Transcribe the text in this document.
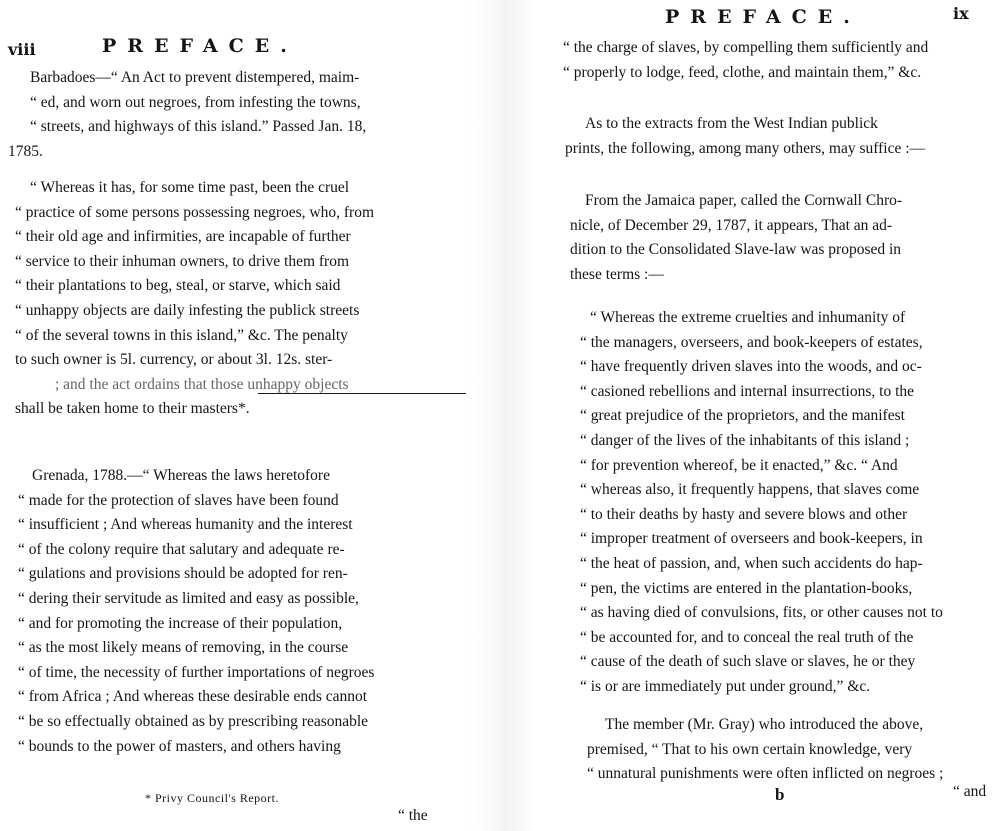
viii	PREFACE.
Barbadoes—“ An Act to prevent distempered, maim-
“ ed, and worn out negroes, from infesting the towns,
“ streets, and highways of this island.” Passed Jan. 18,
1785.
“ Whereas it has, for some time past, been the cruel
“ practice of some persons possessing negroes, who, from
“ their old age and infirmities, are incapable of further
“ service to their inhuman owners, to drive them from
“ their plantations to beg, steal, or starve, which said
“ unhappy objects are daily infesting the publick streets
“ of the several towns in this island,” &c. The penalty
to such owner is 5l. currency, or about 3l. 12s. ster-
; and the act ordains that those unhappy objects
shall be taken home to their masters*.
Grenada, 1788.—“ Whereas the laws heretofore
“ made for the protection of slaves have been found
“ insufficient ; And whereas humanity and the interest
“ of the colony require that salutary and adequate re-
“ gulations and provisions should be adopted for ren-
“ dering their servitude as limited and easy as possible,
“ and for promoting the increase of their population,
“ as the most likely means of removing, in the course
“ of time, the necessity of further importations of negroes
“ from Africa ; And whereas these desirable ends cannot
“ be so effectually obtained as by prescribing reasonable
“ bounds to the power of masters, and others having
* Privy Council's Report.
“ the
PREFACE.	ix
“ the charge of slaves, by compelling them sufficiently and
“ properly to lodge, feed, clothe, and maintain them,” &c.
As to the extracts from the West Indian publick
prints, the following, among many others, may suffice :—
From the Jamaica paper, called the Cornwall Chro-
nicle, of December 29, 1787, it appears, That an ad-
dition to the Consolidated Slave-law was proposed in
these terms :—
“ Whereas the extreme cruelties and inhumanity of
“ the managers, overseers, and book-keepers of estates,
“ have frequently driven slaves into the woods, and oc-
“ casioned rebellions and internal insurrections, to the
“ great prejudice of the proprietors, and the manifest
“ danger of the lives of the inhabitants of this island ;
“ for prevention whereof, be it enacted,” &c. “ And
“ whereas also, it frequently happens, that slaves come
“ to their deaths by hasty and severe blows and other
“ improper treatment of overseers and book-keepers, in
“ the heat of passion, and, when such accidents do hap-
“ pen, the victims are entered in the plantation-books,
“ as having died of convulsions, fits, or other causes not to
“ be accounted for, and to conceal the real truth of the
“ cause of the death of such slave or slaves, he or they
“ is or are immediately put under ground,” &c.
The member (Mr. Gray) who introduced the above,
premised, “ That to his own certain knowledge, very
“ unnatural punishments were often inflicted on negroes ;
b	“ and
